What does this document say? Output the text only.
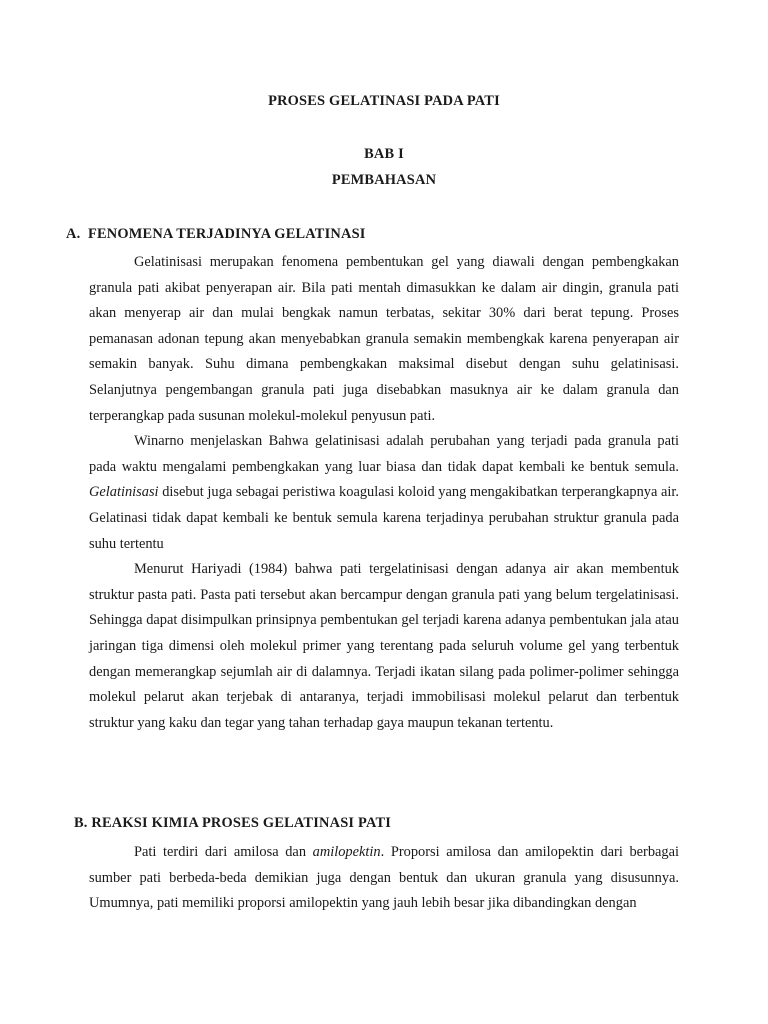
PROSES GELATINASI PADA PATI
BAB I
PEMBAHASAN
A.  FENOMENA TERJADINYA GELATINASI

Gelatinisasi merupakan fenomena pembentukan gel yang diawali dengan pembengkakan granula pati akibat penyerapan air. Bila pati mentah dimasukkan ke dalam air dingin, granula pati akan menyerap air dan mulai bengkak namun terbatas, sekitar 30% dari berat tepung. Proses pemanasan adonan tepung akan menyebabkan granula semakin membengkak karena penyerapan air semakin banyak. Suhu dimana pembengkakan maksimal disebut dengan suhu gelatinisasi. Selanjutnya pengembangan granula pati juga disebabkan masuknya air ke dalam granula dan terperangkap pada susunan molekul-molekul penyusun pati.

Winarno menjelaskan Bahwa gelatinisasi adalah perubahan yang terjadi pada granula pati pada waktu mengalami pembengkakan yang luar biasa dan tidak dapat kembali ke bentuk semula. Gelatinisasi disebut juga sebagai peristiwa koagulasi koloid yang mengakibatkan terperangkapnya air. Gelatinasi tidak dapat kembali ke bentuk semula karena terjadinya perubahan struktur granula pada suhu tertentu

Menurut Hariyadi (1984) bahwa pati tergelatinisasi dengan adanya air akan membentuk struktur pasta pati. Pasta pati tersebut akan bercampur dengan granula pati yang belum tergelatinisasi. Sehingga dapat disimpulkan prinsipnya pembentukan gel terjadi karena adanya pembentukan jala atau jaringan tiga dimensi oleh molekul primer yang terentang pada seluruh volume gel yang terbentuk dengan memerangkap sejumlah air di dalamnya. Terjadi ikatan silang pada polimer-polimer sehingga molekul pelarut akan terjebak di antaranya, terjadi immobilisasi molekul pelarut dan terbentuk struktur yang kaku dan tegar yang tahan terhadap gaya maupun tekanan tertentu.

B. REAKSI KIMIA PROSES GELATINASI PATI

Pati terdiri dari amilosa dan amilopektin. Proporsi amilosa dan amilopektin dari berbagai sumber pati berbeda-beda demikian juga dengan bentuk dan ukuran granula yang disusunnya. Umumnya, pati memiliki proporsi amilopektin yang jauh lebih besar jika dibandingkan dengan
